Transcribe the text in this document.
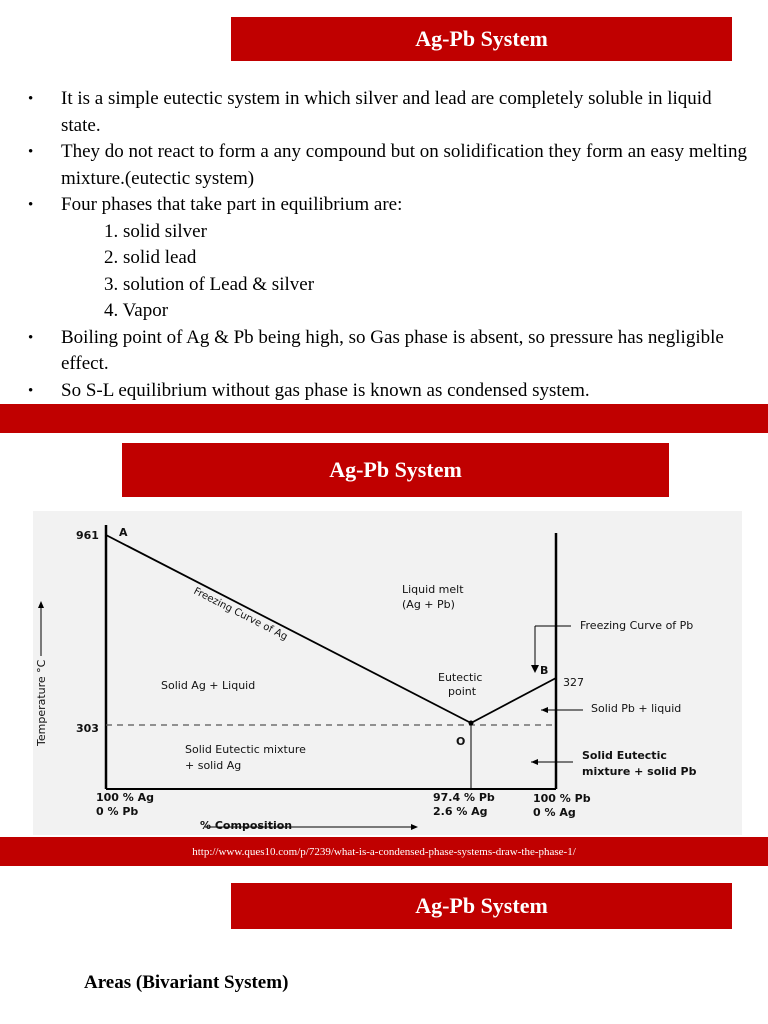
Ag-Pb System
• It is a simple eutectic system in which silver and lead are completely soluble in liquid state.
• They do not react to form a any compound but on solidification they form an easy melting mixture.(eutectic system)
• Four phases that take part in equilibrium are:
1. solid silver
2. solid lead
3. solution of Lead & silver
4. Vapor
• Boiling point of Ag & Pb being high, so Gas phase is absent, so pressure has negligible effect.
• So S-L equilibrium without gas phase is known as condensed system.
Ag-Pb System
A
B
O
961
303
327
Temperature °C
Freezing Curve of Ag	Liquid melt
(Ag + Pb)
Freezing Curve of Pb
Solid Ag + Liquid
Eutectic
point
Solid Pb + liquid
Solid Eutectic mixture
+ solid Ag
Solid Eutectic
mixture + solid Pb
100 % Ag
0 % Pb
97.4 % Pb
2.6 % Ag
100 % Pb
0 % Ag
% Composition
http://www.ques10.com/p/7239/what-is-a-condensed-phase-systems-draw-the-phase-1/
Ag-Pb System
Areas (Bivariant System)
